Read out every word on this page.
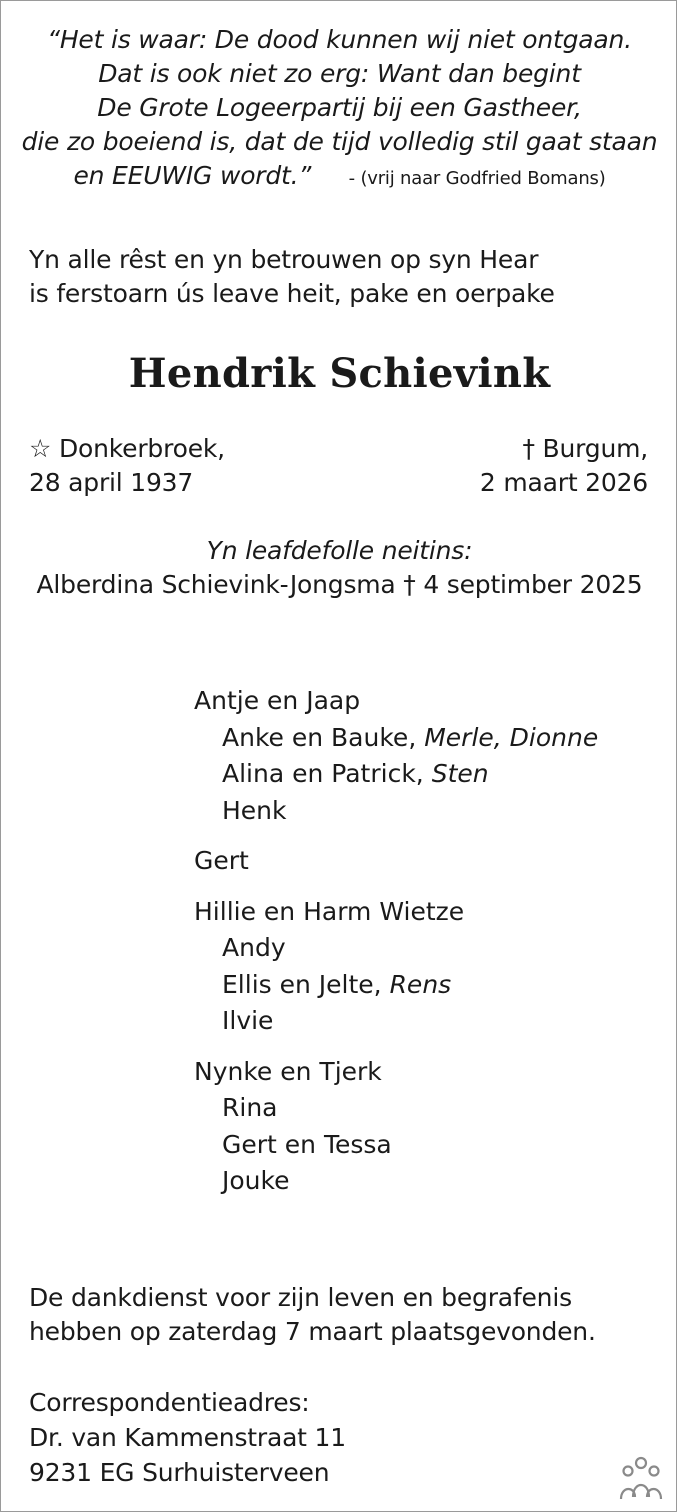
“Het is waar: De dood kunnen wij niet ontgaan.
Dat is ook niet zo erg: Want dan begint
De Grote Logeerpartij bij een Gastheer,
die zo boeiend is, dat de tijd volledig stil gaat staan
en EEUWIG wordt.” - (vrij naar Godfried Bomans)
Yn alle rêst en yn betrouwen op syn Hear
is ferstoarn ús leave heit, pake en oerpake
Hendrik Schievink
☆ Donkerbroek,
28 april 1937
† Burgum,
2 maart 2026
Yn leafdefolle neitins:
Alberdina Schievink-Jongsma † 4 septimber 2025
Antje en Jaap
Anke en Bauke, Merle, Dionne
Alina en Patrick, Sten
Henk
Gert
Hillie en Harm Wietze
Andy
Ellis en Jelte, Rens
Ilvie
Nynke en Tjerk
Rina
Gert en Tessa
Jouke
De dankdienst voor zijn leven en begrafenis
hebben op zaterdag 7 maart plaatsgevonden.
Correspondentieadres:
Dr. van Kammenstraat 11
9231 EG Surhuisterveen
